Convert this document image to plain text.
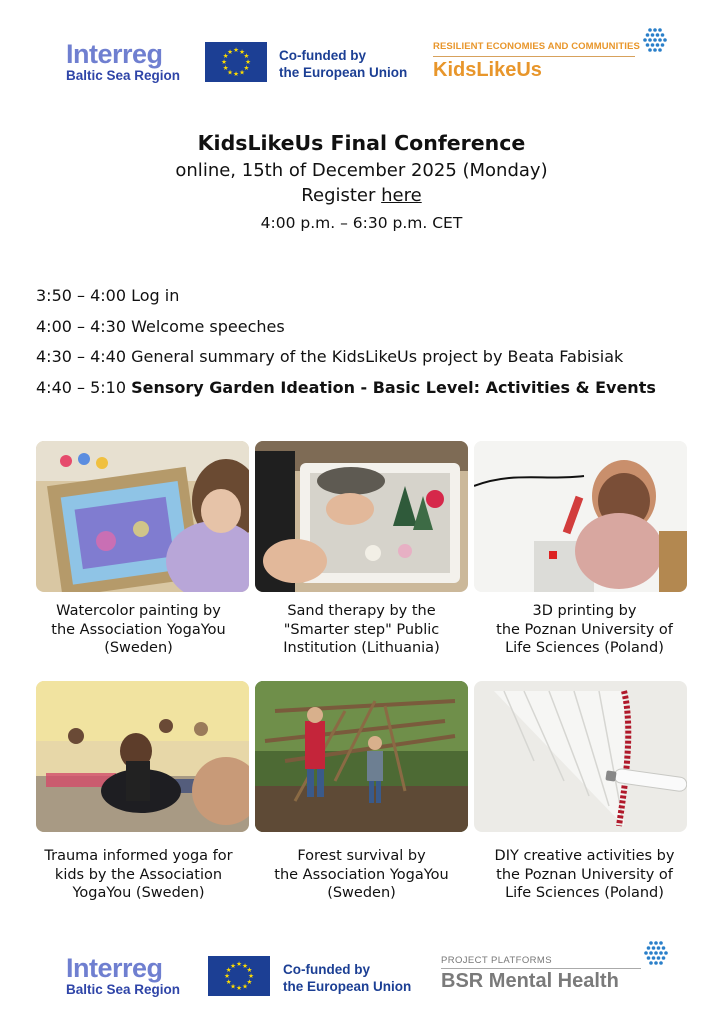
Interreg
Baltic Sea Region
★
★
★
★
★
★
★
★
★ ★ ★
★ Co-funded by
the European Union
RESILIENT ECONOMIES AND COMMUNITIES
KidsLikeUs
KidsLikeUs Final Conference
online, 15th of December 2025 (Monday)
Register here
4:00 p.m. – 6:30 p.m. CET
3:50 – 4:00 Log in
4:00 – 4:30 Welcome speeches
4:30 – 4:40 General summary of the KidsLikeUs project by Beata Fabisiak
4:40 – 5:10 Sensory Garden Ideation - Basic Level: Activities & Events
Watercolor painting by
the Association YogaYou
(Sweden)
Sand therapy by the
"Smarter step" Public
Institution (Lithuania)
3D printing by
the Poznan University of
Life Sciences (Poland)
Trauma informed yoga for
kids by the Association
YogaYou (Sweden)
Forest survival by
the Association YogaYou
(Sweden)
DIY creative activities by
the Poznan University of
Life Sciences (Poland)
Interreg
Baltic Sea Region
★
★
★
★
★
★
★
★
★ ★ ★
★ Co-funded by
the European Union
PROJECT PLATFORMS
BSR Mental Health
